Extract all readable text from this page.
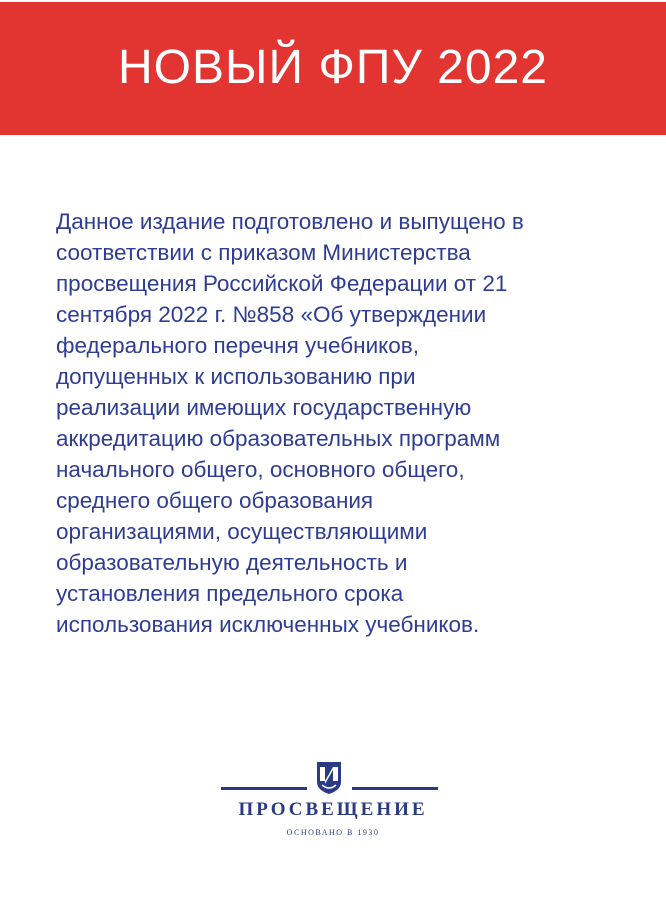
НОВЫЙ ФПУ 2022
Данное издание подготовлено и выпущено в
соответствии с приказом Министерства
просвещения Российской Федерации от 21
сентября 2022 г. №858 «Об утверждении
федерального перечня учебников,
допущенных к использованию при
реализации имеющих государственную
аккредитацию образовательных программ
начального общего, основного общего,
среднего общего образования
организациями, осуществляющими
образовательную деятельность и
установления предельного срока
использования исключенных учебников.
ПРОСВЕЩЕНИЕ
ОСНОВАНО В 1930
